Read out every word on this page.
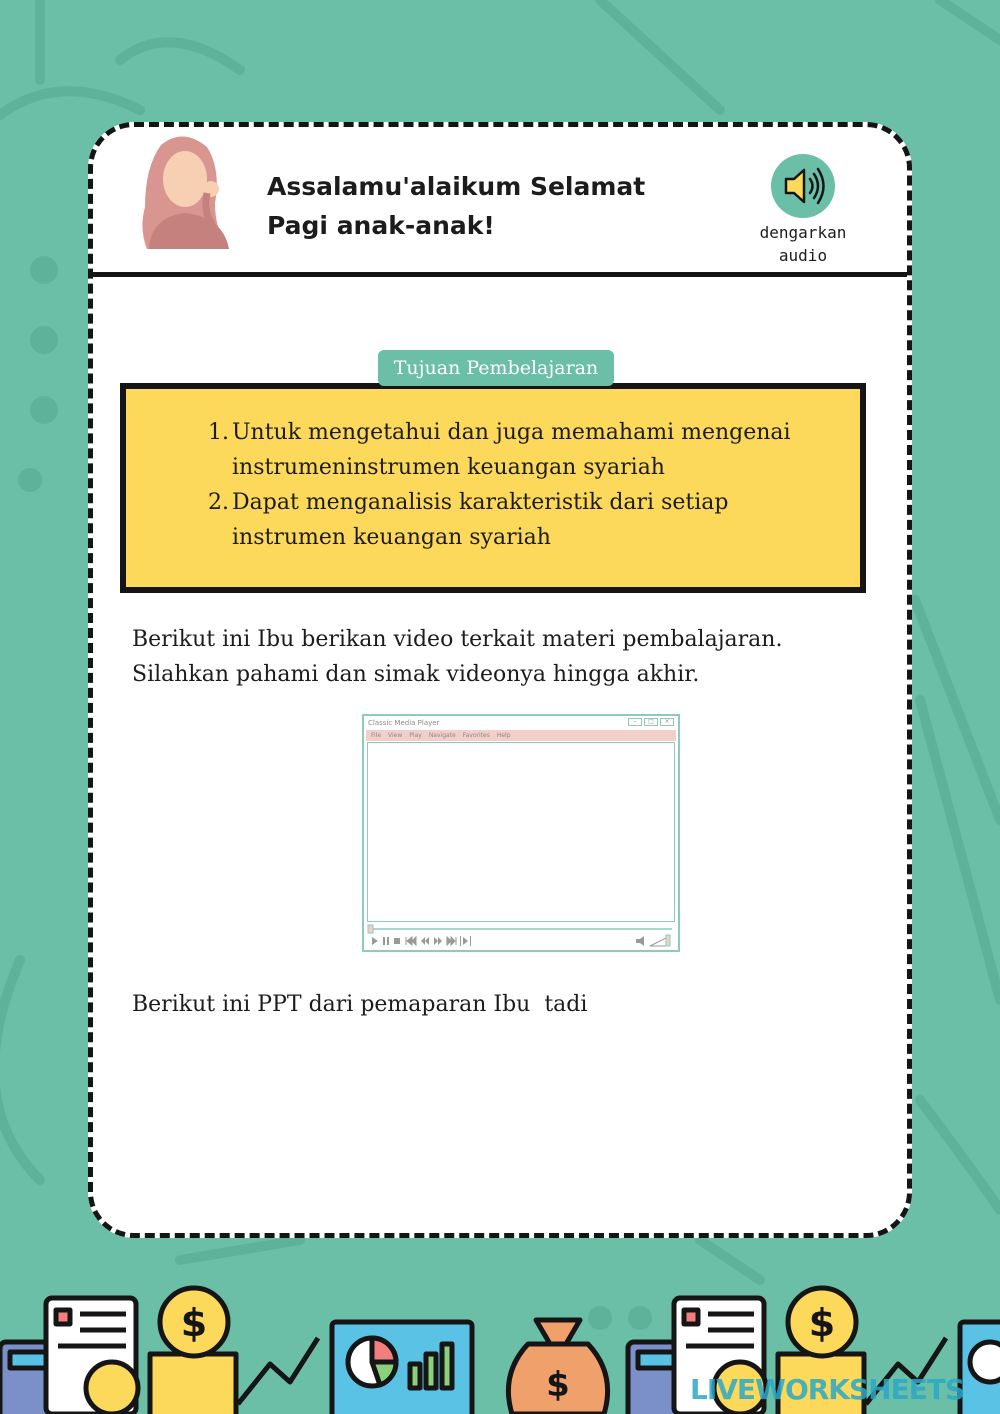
Assalamu'alaikum Selamat
Pagi anak-anak!	dengarkan
audio
Tujuan Pembelajaran
1. Untuk mengetahui dan juga memahami mengenai instrumeninstrumen keuangan syariah
2. Dapat menganalisis karakteristik dari setiap instrumen keuangan syariah

Berikut ini Ibu berikan video terkait materi pembalajaran.
Silahkan pahami dan simak videonya hingga akhir.

Classic Media Player	–	□	×
File View Play Navigate Favorites Help

Berikut ini PPT dari pemaparan Ibu  tadi

$
$
$
LIVEWORKSHEETS
